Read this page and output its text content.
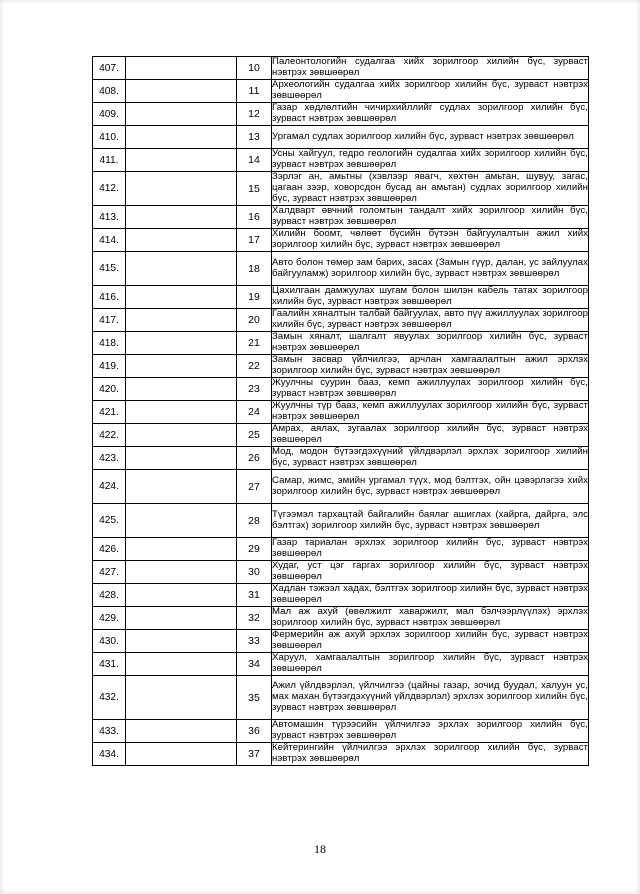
407.		10	Палеонтологийн судалгаа хийх зорилгоор хилийн бүс, зурваст нэвтрэх зөвшөөрөл
408.		11	Археологийн судалгаа хийх зорилгоор хилийн бүс, зурваст нэвтрэх зөвшөөрөл
409.		12	Газар хөдлөлтийн чичирхийллийг судлах зорилгоор хилийн бүс, зурваст нэвтрэх зөвшөөрөл
410.		13	Ургамал судлах зорилгоор хилийн бүс, зурваст нэвтрэх зөвшөөрөл
411.		14	Усны хайгуул, гедро геологийн судалгаа хийх зорилгоор хилийн бүс, зурваст нэвтрэх зөвшөөрөл
412.		15	Зэрлэг ан, амьтны (хэвлээр явагч, хөхтөн амьтан, шувуу, загас, цагаан зээр, ховорсдон бусад ан амьтан) судлах зорилгоор хилийн бүс, зурваст нэвтрэх зөвшөөрөл
413.		16	Халдварт өвчний голомтын тандалт хийх зорилгоор хилийн бүс, зурваст нэвтрэх зөвшөөрөл
414.		17	Хилийн боомт, чөлөөт бүсийн бүтээн байгуулалтын ажил хийх зорилгоор хилийн бүс, зурваст нэвтрэх зөвшөөрөл
415.		18	Авто болон төмөр зам барих, засах (Замын гүүр, далан, ус зайлуулах байгууламж) зорилгоор хилийн бүс, зурваст нэвтрэх зөвшөөрөл
416.		19	Цахилгаан дамжуулах шугам болон шилэн кабель татах зорилгоор хилийн бүс, зурваст нэвтрэх зөвшөөрөл
417.		20	Гаалийн хяналтын талбай байгуулах, авто пүү ажиллуулах зорилгоор хилийн бүс, зурваст нэвтрэх зөвшөөрөл
418.		21	Замын хяналт, шалгалт явуулах зорилгоор хилийн бүс, зурваст нэвтрэх зөвшөөрөл
419.		22	Замын засвар үйлчилгээ, арчлан хамгаалалтын ажил эрхлэх зорилгоор хилийн бүс, зурваст нэвтрэх зөвшөөрөл
420.		23	Жуулчны суурин бааз, кемп ажиллуулах зорилгоор хилийн бүс, зурваст нэвтрэх зөвшөөрөл
421.		24	Жуулчны түр бааз, кемп ажиллуулах зорилгоор хилийн бүс, зурваст нэвтрэх зөвшөөрөл
422.		25	Амрах, аялах, зугаалах зорилгоор хилийн бүс, зурваст нэвтрэх зөвшөөрөл
423.		26	Мод, модон бүтээгдэхүүний үйлдвэрлэл эрхлэх зорилгоор хилийн бүс, зурваст нэвтрэх зөвшөөрөл
424.		27	Самар, жимс, эмийн ургамал түүх, мод бэлтгэх, ойн цэвэрлэгээ хийх зорилгоор хилийн бүс, зурваст нэвтрэх зөвшөөрөл
425.		28	Түгээмэл тархацтай байгалийн баялаг ашиглах (хайрга, дайрга, элс бэлтгэх) зорилгоор хилийн бүс, зурваст нэвтрэх зөвшөөрөл
426.		29	Газар тариалан эрхлэх зорилгоор хилийн бүс, зурваст нэвтрэх зөвшөөрөл
427.		30	Худаг, уст цэг гаргах зорилгоор хилийн бүс, зурваст нэвтрэх зөвшөөрөл
428.		31	Хадлан тэжээл хадах, бэлтгэх зорилгоор хилийн бүс, зурваст нэвтрэх зөвшөөрөл
429.		32	Мал аж ахуй (өвөлжилт хаваржилт, мал бэлчээрлүүлэх) эрхлэх зорилгоор хилийн бүс, зурваст нэвтрэх зөвшөөрөл
430.		33	Фермерийн аж ахуй эрхлэх зорилгоор хилийн бүс, зурваст нэвтрэх зөвшөөрөл
431.		34	Харуул, хамгаалалтын зорилгоор хилийн бүс, зурваст нэвтрэх зөвшөөрөл
432.		35	Ажил үйлдвэрлэл, үйлчилгээ (цайны газар, зочид буудал, халуун ус, мах махан бүтээгдэхүүний үйлдвэрлэл) эрхлэх зорилгоор хилийн бүс, зурваст нэвтрэх зөвшөөрөл
433.		36	Автомашин түрээсийн үйлчилгээ эрхлэх зорилгоор хилийн бүс, зурваст нэвтрэх зөвшөөрөл
434.		37	Кейтерингийн үйлчилгээ эрхлэх зорилгоор хилийн бүс, зурваст нэвтрэх зөвшөөрөл
18
